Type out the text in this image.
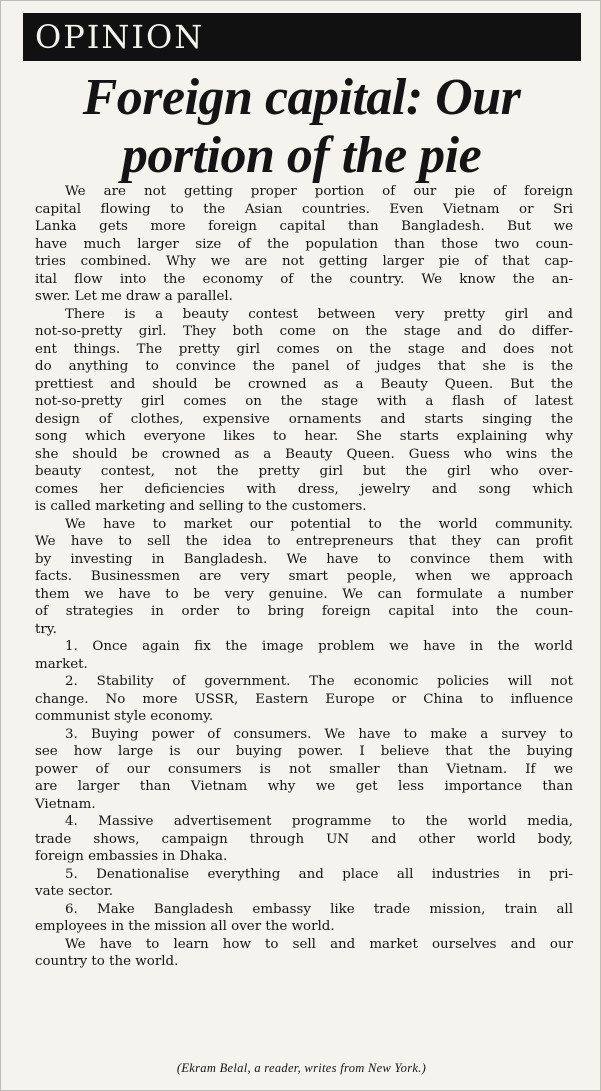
OPINION
Foreign capital: Our
portion of the pie
We are not getting proper portion of our pie of foreign
capital flowing to the Asian countries. Even Vietnam or Sri
Lanka gets more foreign capital than Bangladesh. But we
have much larger size of the population than those two coun-
tries combined. Why we are not getting larger pie of that cap-
ital flow into the economy of the country. We know the an-
swer. Let me draw a parallel.
There is a beauty contest between very pretty girl and
not-so-pretty girl. They both come on the stage and do differ-
ent things. The pretty girl comes on the stage and does not
do anything to convince the panel of judges that she is the
prettiest and should be crowned as a Beauty Queen. But the
not-so-pretty girl comes on the stage with a flash of latest
design of clothes, expensive ornaments and starts singing the
song which everyone likes to hear. She starts explaining why
she should be crowned as a Beauty Queen. Guess who wins the
beauty contest, not the pretty girl but the girl who over-
comes her deficiencies with dress, jewelry and song which
is called marketing and selling to the customers.
We have to market our potential to the world community.
We have to sell the idea to entrepreneurs that they can profit
by investing in Bangladesh. We have to convince them with
facts. Businessmen are very smart people, when we approach
them we have to be very genuine. We can formulate a number
of strategies in order to bring foreign capital into the coun-
try.
1. Once again fix the image problem we have in the world
market.
2. Stability of government. The economic policies will not
change. No more USSR, Eastern Europe or China to influence
communist style economy.
3. Buying power of consumers. We have to make a survey to
see how large is our buying power. I believe that the buying
power of our consumers is not smaller than Vietnam. If we
are larger than Vietnam why we get less importance than
Vietnam.
4. Massive advertisement programme to the world media,
trade shows, campaign through UN and other world body,
foreign embassies in Dhaka.
5. Denationalise everything and place all industries in pri-
vate sector.
6. Make Bangladesh embassy like trade mission, train all
employees in the mission all over the world.
We have to learn how to sell and market ourselves and our
country to the world.
(Ekram Belal, a reader, writes from New York.)
